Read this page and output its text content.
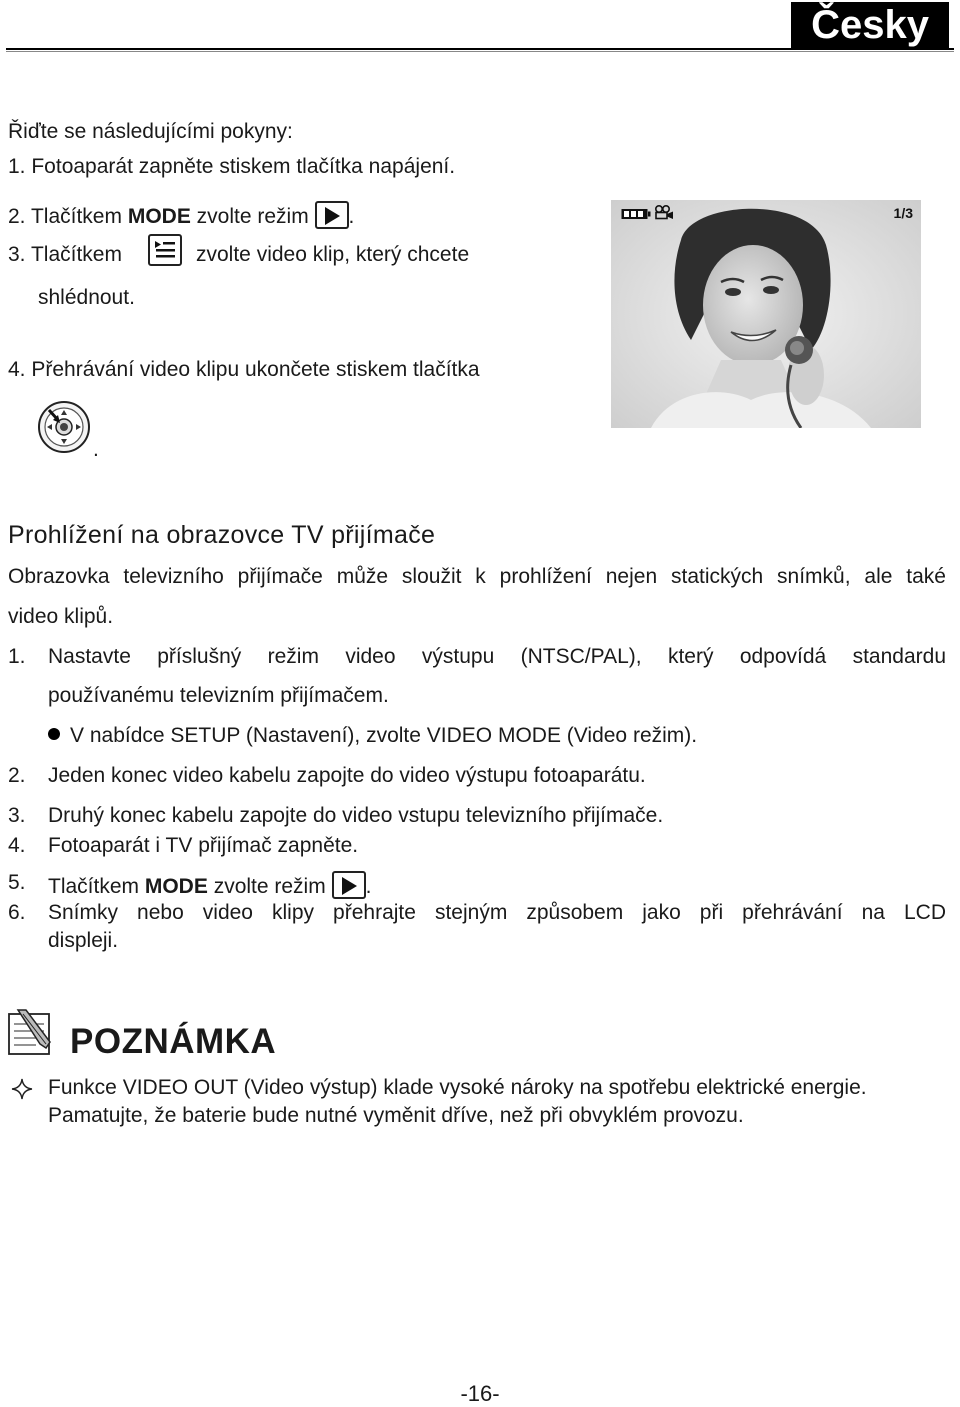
Česky
Řiďte se následujícími pokyny:
1. Fotoaparát zapněte stiskem tlačítka napájení.
2. Tlačítkem MODE zvolte režim .
3. Tlačítkem	zvolte video klip, který chcete
shlédnout.
4. Přehrávání video klipu ukončete stiskem tlačítka
.
1/3
Prohlížení na obrazovce TV přijímače
Obrazovka televizního přijímače může sloužit k prohlížení nejen statických snímků, ale také
video klipů.
1. Nastavte příslušný režim video výstupu (NTSC/PAL), který odpovídá standardu
používanému televizním přijímačem.
V nabídce SETUP (Nastavení), zvolte VIDEO MODE (Video režim).
2. Jeden konec video kabelu zapojte do video výstupu fotoaparátu.
3. Druhý konec kabelu zapojte do video vstupu televizního přijímače.
4. Fotoaparát i TV přijímač zapněte.
5. Tlačítkem MODE zvolte režim .
6. Snímky nebo video klipy přehrajte stejným způsobem jako při přehrávání na LCD
displeji.
POZNÁMKA
Funkce VIDEO OUT (Video výstup) klade vysoké nároky na spotřebu elektrické energie.
Pamatujte, že baterie bude nutné vyměnit dříve, než při obvyklém provozu.
-16-
